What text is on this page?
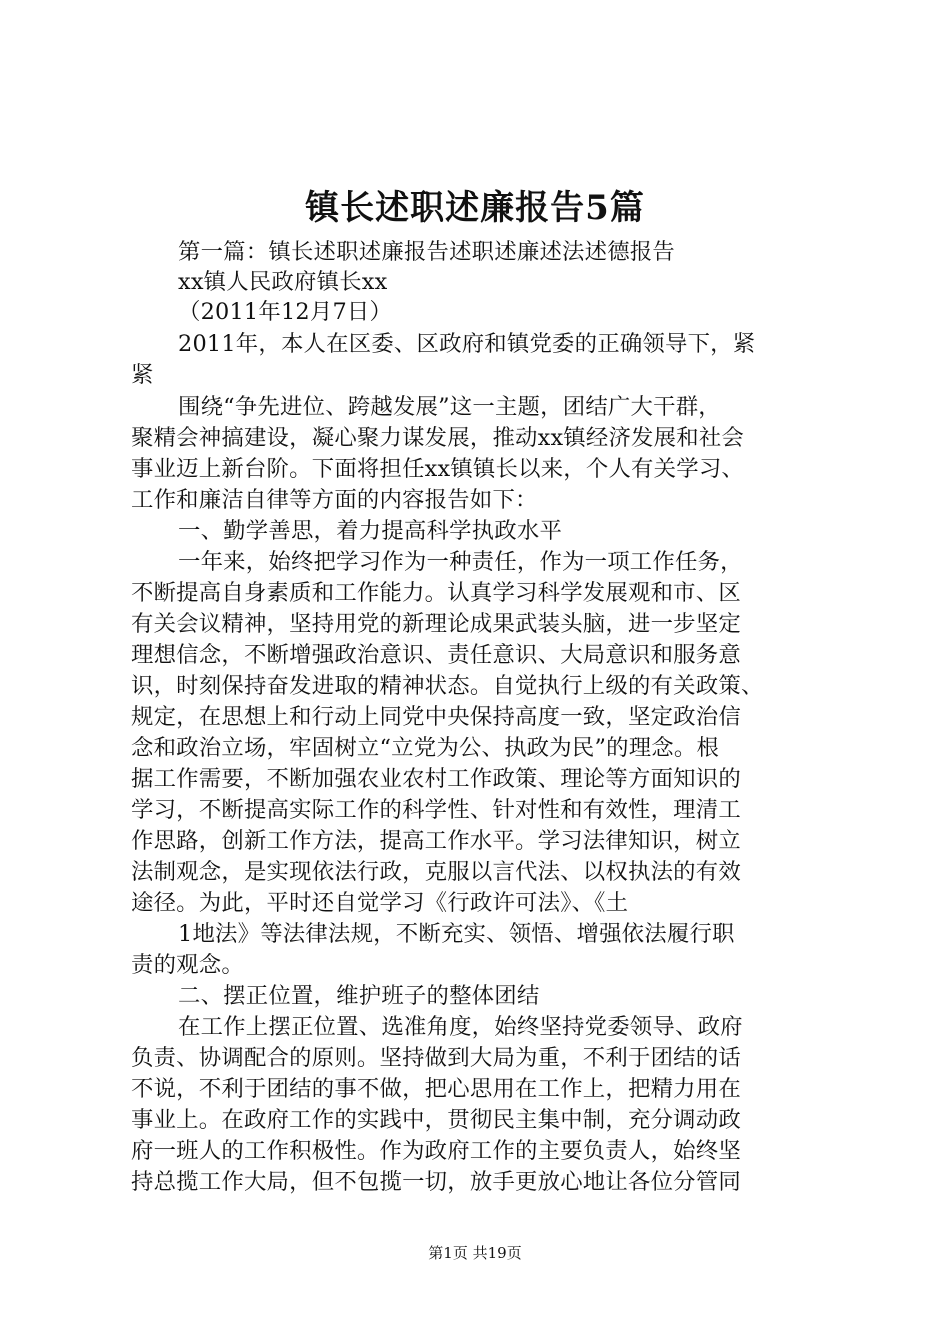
镇长述职述廉报告5篇
第一篇：镇长述职述廉报告述职述廉述法述德报告
xx镇人民政府镇长xx
（2011年12月7日）
2011年，本人在区委、区政府和镇党委的正确领导下，紧
紧
围绕“争先进位、跨越发展”这一主题，团结广大干群，
聚精会神搞建设，凝心聚力谋发展，推动xx镇经济发展和社会
事业迈上新台阶。下面将担任xx镇镇长以来，个人有关学习、
工作和廉洁自律等方面的内容报告如下：
一、勤学善思，着力提高科学执政水平
一年来，始终把学习作为一种责任，作为一项工作任务，
不断提高自身素质和工作能力。认真学习科学发展观和市、区
有关会议精神，坚持用党的新理论成果武装头脑，进一步坚定
理想信念，不断增强政治意识、责任意识、大局意识和服务意
识，时刻保持奋发进取的精神状态。自觉执行上级的有关政策、
规定，在思想上和行动上同党中央保持高度一致，坚定政治信
念和政治立场，牢固树立“立党为公、执政为民”的理念。根
据工作需要，不断加强农业农村工作政策、理论等方面知识的
学习，不断提高实际工作的科学性、针对性和有效性，理清工
作思路，创新工作方法，提高工作水平。学习法律知识，树立
法制观念，是实现依法行政，克服以言代法、以权执法的有效
途径。为此，平时还自觉学习《行政许可法》、《土
1地法》等法律法规，不断充实、领悟、增强依法履行职
责的观念。
二、摆正位置，维护班子的整体团结
在工作上摆正位置、选准角度，始终坚持党委领导、政府
负责、协调配合的原则。坚持做到大局为重，不利于团结的话
不说，不利于团结的事不做，把心思用在工作上，把精力用在
事业上。在政府工作的实践中，贯彻民主集中制，充分调动政
府一班人的工作积极性。作为政府工作的主要负责人，始终坚
持总揽工作大局，但不包揽一切，放手更放心地让各位分管同
第1页 共19页
